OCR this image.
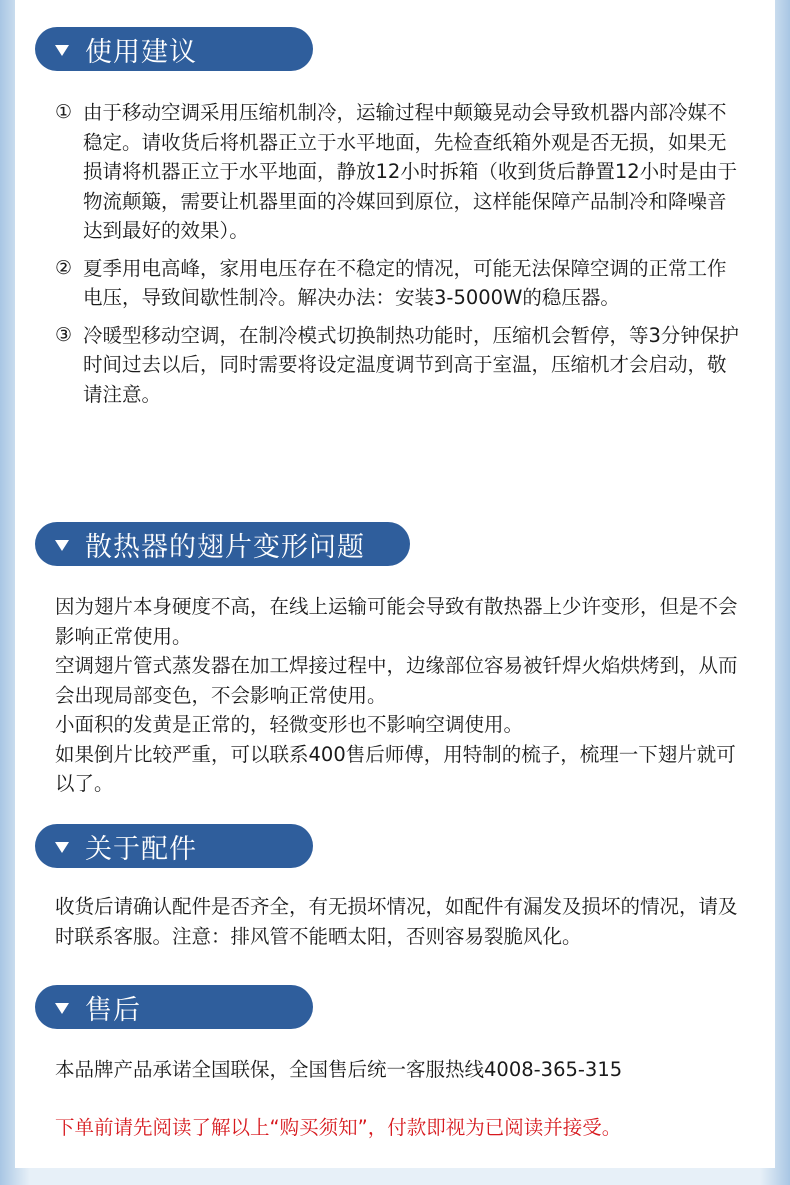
使用建议
① 由于移动空调采用压缩机制冷，运输过程中颠簸晃动会导致机器内部冷媒不稳定。请收货后将机器正立于水平地面，先检查纸箱外观是否无损，如果无损请将机器正立于水平地面，静放12小时拆箱（收到货后静置12小时是由于物流颠簸，需要让机器里面的冷媒回到原位，这样能保障产品制冷和降噪音达到最好的效果）。
② 夏季用电高峰，家用电压存在不稳定的情况，可能无法保障空调的正常工作电压，导致间歇性制冷。解决办法：安装3-5000W的稳压器。
③ 冷暖型移动空调，在制冷模式切换制热功能时，压缩机会暂停，等3分钟保护时间过去以后，同时需要将设定温度调节到高于室温，压缩机才会启动，敬请注意。
散热器的翅片变形问题
因为翅片本身硬度不高，在线上运输可能会导致有散热器上少许变形，但是不会影响正常使用。
空调翅片管式蒸发器在加工焊接过程中，边缘部位容易被钎焊火焰烘烤到，从而会出现局部变色，不会影响正常使用。
小面积的发黄是正常的，轻微变形也不影响空调使用。
如果倒片比较严重，可以联系400售后师傅，用特制的梳子，梳理一下翅片就可以了。
关于配件
收货后请确认配件是否齐全，有无损坏情况，如配件有漏发及损坏的情况，请及时联系客服。注意：排风管不能晒太阳，否则容易裂脆风化。
售后
本品牌产品承诺全国联保，全国售后统一客服热线4008-365-315
下单前请先阅读了解以上“购买须知”，付款即视为已阅读并接受。
